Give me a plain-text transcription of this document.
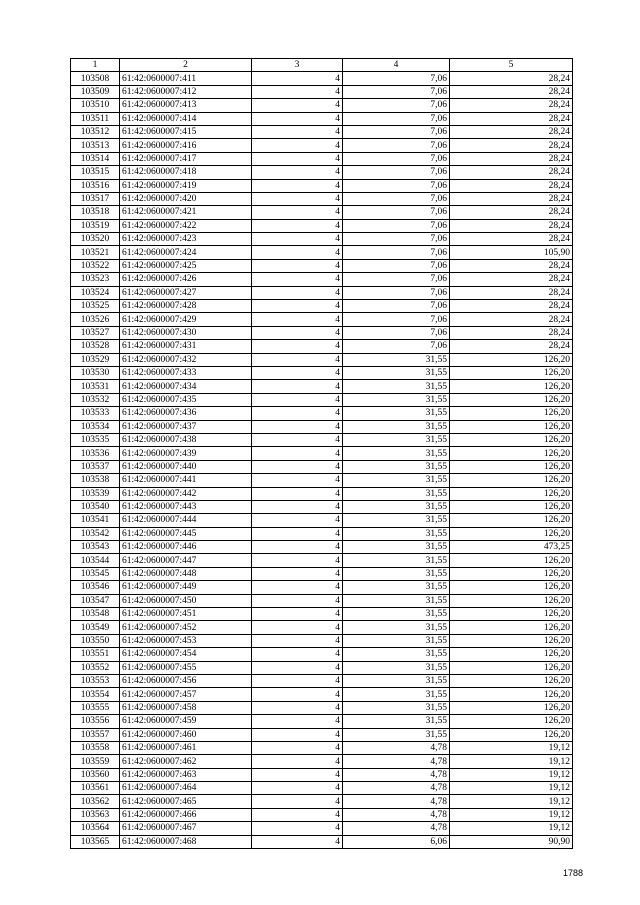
1	2	3	4	5
103508	61:42:0600007:411	4	7,06	28,24
103509	61:42:0600007:412	4	7,06	28,24
103510	61:42:0600007:413	4	7,06	28,24
103511	61:42:0600007:414	4	7,06	28,24
103512	61:42:0600007:415	4	7,06	28,24
103513	61:42:0600007:416	4	7,06	28,24
103514	61:42:0600007:417	4	7,06	28,24
103515	61:42:0600007:418	4	7,06	28,24
103516	61:42:0600007:419	4	7,06	28,24
103517	61:42:0600007:420	4	7,06	28,24
103518	61:42:0600007:421	4	7,06	28,24
103519	61:42:0600007:422	4	7,06	28,24
103520	61:42:0600007:423	4	7,06	28,24
103521	61:42:0600007:424	4	7,06	105,90
103522	61:42:0600007:425	4	7,06	28,24
103523	61:42:0600007:426	4	7,06	28,24
103524	61:42:0600007:427	4	7,06	28,24
103525	61:42:0600007:428	4	7,06	28,24
103526	61:42:0600007:429	4	7,06	28,24
103527	61:42:0600007:430	4	7,06	28,24
103528	61:42:0600007:431	4	7,06	28,24
103529	61:42:0600007:432	4	31,55	126,20
103530	61:42:0600007:433	4	31,55	126,20
103531	61:42:0600007:434	4	31,55	126,20
103532	61:42:0600007:435	4	31,55	126,20
103533	61:42:0600007:436	4	31,55	126,20
103534	61:42:0600007:437	4	31,55	126,20
103535	61:42:0600007:438	4	31,55	126,20
103536	61:42:0600007:439	4	31,55	126,20
103537	61:42:0600007:440	4	31,55	126,20
103538	61:42:0600007:441	4	31,55	126,20
103539	61:42:0600007:442	4	31,55	126,20
103540	61:42:0600007:443	4	31,55	126,20
103541	61:42:0600007:444	4	31,55	126,20
103542	61:42:0600007:445	4	31,55	126,20
103543	61:42:0600007:446	4	31,55	473,25
103544	61:42:0600007:447	4	31,55	126,20
103545	61:42:0600007:448	4	31,55	126,20
103546	61:42:0600007:449	4	31,55	126,20
103547	61:42:0600007:450	4	31,55	126,20
103548	61:42:0600007:451	4	31,55	126,20
103549	61:42:0600007:452	4	31,55	126,20
103550	61:42:0600007:453	4	31,55	126,20
103551	61:42:0600007:454	4	31,55	126,20
103552	61:42:0600007:455	4	31,55	126,20
103553	61:42:0600007:456	4	31,55	126,20
103554	61:42:0600007:457	4	31,55	126,20
103555	61:42:0600007:458	4	31,55	126,20
103556	61:42:0600007:459	4	31,55	126,20
103557	61:42:0600007:460	4	31,55	126,20
103558	61:42:0600007:461	4	4,78	19,12
103559	61:42:0600007:462	4	4,78	19,12
103560	61:42:0600007:463	4	4,78	19,12
103561	61:42:0600007:464	4	4,78	19,12
103562	61:42:0600007:465	4	4,78	19,12
103563	61:42:0600007:466	4	4,78	19,12
103564	61:42:0600007:467	4	4,78	19,12
103565	61:42:0600007:468	4	6,06	90,90
1788
